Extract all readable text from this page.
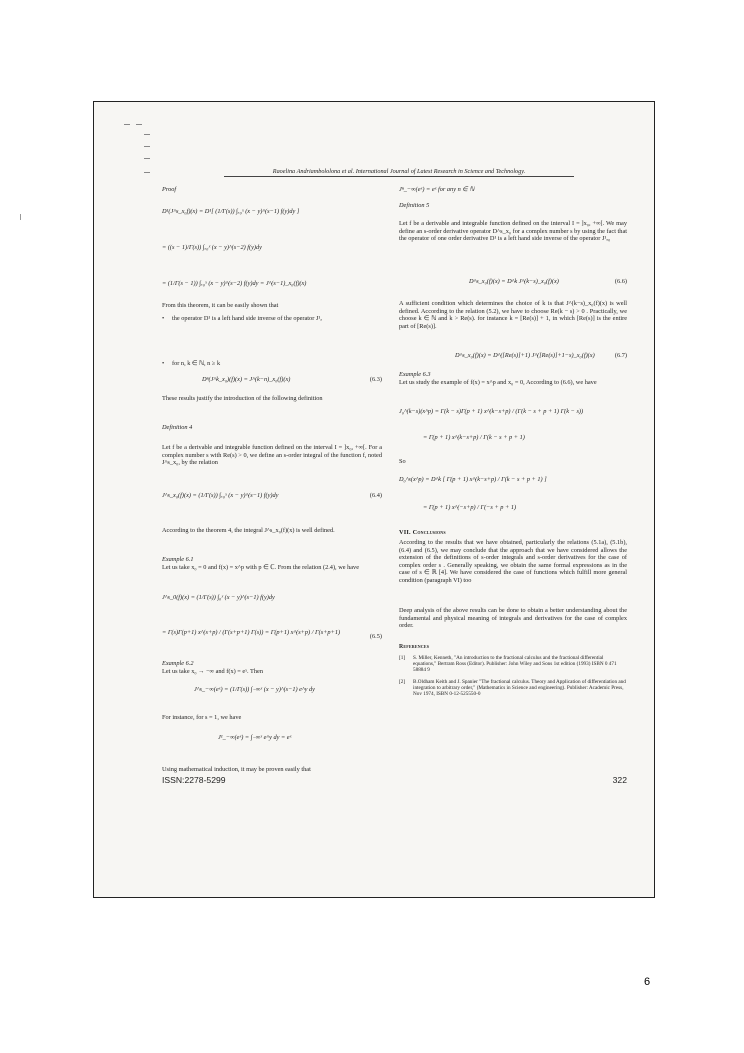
Raoelina Andriambololona et al. International Journal of Latest Research in Science and Technology.
Proof
D¹(J^s_x₀f)(x) = D¹[ (1/Γ(s)) ∫ₓ₀ˣ (x − y)^(s−1) f(y)dy ]
= ((s − 1)/Γ(s)) ∫ₓ₀ˣ (x − y)^(s−2) f(y)dy
= (1/Γ(s − 1)) ∫ₓ₀ˣ (x − y)^(s−2) f(y)dy = J^(s−1)_x₀(f)(x)
From this theorem, it can be easily shown that
• the operator D¹ is a left hand side inverse of the operator J¹ₐ
• for n, k ∈ ℕ, n ≥ k
Dⁿ(J^k_x₀)(f)(x) = J^(k−n)_x₀(f)(x)	(6.3)
These results justify the introduction of the following definition
Definition 4
Let f be a derivable and integrable function defined on the interval I = ]x₀, +∞[. For a complex number s with Re(s) > 0, we define an s-order integral of the function f, noted J^s_x₀, by the relation
J^s_x₀(f)(x) = (1/Γ(s)) ∫ₓ₀ˣ (x − y)^(s−1) f(y)dy	(6.4)
According to the theorem 4, the integral J^s_x₀(f)(x) is well defined.
Example 6.1
Let us take x₀ = 0 and f(x) = x^p with p ∈ ℂ. From the relation (2.4), we have
J^s_0(f)(x) = (1/Γ(s)) ∫₀ˣ (x − y)^(s−1) f(y)dy
= Γ(s)Γ(p+1) x^(s+p) / (Γ(s+p+1) Γ(s)) = Γ(p+1) x^(s+p) / Γ(s+p+1)
(6.5)
Example 6.2
Let us take x₀ → −∞ and f(x) = eˣ. Then
J^s_−∞(eˣ) = (1/Γ(s)) ∫₋∞ˣ (x − y)^(s−1) e^y dy
For instance, for s = 1, we have
J¹_−∞(eˣ) = ∫₋∞ˣ e^y dy = eˣ
Using mathematical induction, it may be proven easily that
ISSN:2278-5299
Jⁿ_−∞(eˣ) = eˣ for any n ∈ ℕ
Definition 5
Let f be a derivable and integrable function defined on the interval I = ]x₀, +∞[. We may define an s-order derivative operator D^s_x₀ for a complex number s by using the fact that the operator of one order derivative D¹ is a left hand side inverse of the operator J¹ₓ₀
D^s_x₀(f)(x) = D^k J^(k−s)_x₀(f)(x)	(6.6)
A sufficient condition which determines the choice of k is that J^(k−s)_x₀(f)(x) is well defined. According to the relation (5.2), we have to choose Re(k − s) > 0 . Practically, we choose k ∈ ℕ and k > Re(s). for instance k = [Re(s)] + 1, in which [Re(s)] is the entire part of [Re(s)].
D^s_x₀(f)(x) = D^([Re(s)]+1) J^([Re(s)]+1−s)_x₀(f)(x)	(6.7)
Example 6.3
Let us study the example of f(x) = x^p and x₀ = 0, According to (6.6), we have
J₀^(k−s)(x^p) = Γ(k − s)Γ(p + 1) x^(k−s+p) / (Γ(k − s + p + 1) Γ(k − s))
= Γ(p + 1) x^(k−s+p) / Γ(k − s + p + 1)
So
D₀^s(x^p) = D^k [ Γ(p + 1) x^(k−s+p) / Γ(k − s + p + 1) ]
= Γ(p + 1) x^(−s+p) / Γ(−s + p + 1)
VII. Conclusions
According to the results that we have obtained, particularly the relations (5.1a), (5.1b), (6.4) and (6.5), we may conclude that the approach that we have considered allows the extension of the definitions of s-order integrals and s-order derivatives for the case of complex order s . Generally speaking, we obtain the same formal expressions as in the case of s ∈ ℝ [4]. We have considered the case of functions which fulfill more general condition (paragraph VI) too
Deep analysis of the above results can be done to obtain a better understanding about the fundamental and physical meaning of integrals and derivatives for the case of complex order.
References
[1] S. Miller, Kenneth, "An introduction to the fractional calculus and the fractional differential equations," Bertram Ross (Editor). Publisher: John Wiley and Sons 1st edition (1993) ISBN 0 471 58884 9
[2] B.Oldham Keith and J. Spanier "The fractional calculus. Theory and Application of differentiation and integration to arbitrary order," (Mathematics in Science and engineering). Publisher: Academic Press, Nov 1974, ISBN 0-12-525550-0
322
6
